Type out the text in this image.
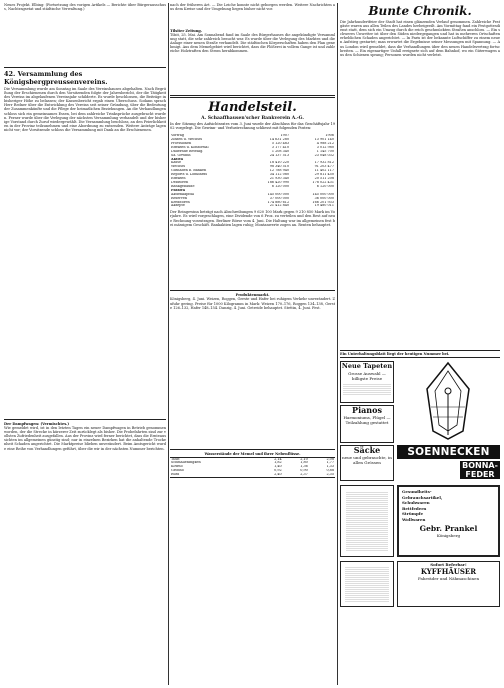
Neues Projekt. Elbing: (Fortsetzung des vorigen Artikels — Berichte über Bürgerausschuss, Nachtragsetat und städtische Verwaltung.)
42. Versammlung des Königsbergpreussenvereins.
Die Versammlung wurde am Sonntag im Saale des Vereinshauses abgehalten. Nach Begrüßung der Erschienenen durch den Vorsitzenden folgte der Jahresbericht, der die Tätigkeit des Vereins im abgelaufenen Vereinsjahr schilderte. Es wurde beschlossen, die Beiträge in bisheriger Höhe zu belassen; der Kassenbericht ergab einen Überschuss. Sodann sprach Herr Redner über die Entwicklung des Vereins seit seiner Gründung, über die Bedeutung der Zusammenkünfte und die Pflege der heimatlichen Beziehungen. An die Verhandlungen schloss sich ein gemeinsames Essen, bei dem zahlreiche Trinksprüche ausgebracht wurden. Ferner wurde über die Verlegung der nächsten Versammlung verhandelt und der bisherige Vorstand durch Zuruf wiedergewählt. Die Versammlung beschloss, an den Feierlichkeiten in der Provinz teilzunehmen und eine Abordnung zu entsenden. Weitere Anträge lagen nicht vor; der Vorsitzende schloss die Versammlung mit Dank an die Erschienenen.
Der Dampfwagen: (Vermischtes.)
Wie gemeldet wird, ist in den letzten Tagen ein neuer Dampfwagen in Betrieb genommen worden, der die Strecke in kürzerer Zeit zurücklegt als bisher. Die Probefahrten sind zur vollsten Zufriedenheit ausgefallen. Aus der Provinz wird ferner berichtet, dass die Ernteaussichten im allgemeinen günstig sind; nur in einzelnen Bezirken hat die anhaltende Trockenheit Schaden angerichtet. Die Marktpreise blieben unverändert. Beim Amtsgericht wurde eine Reihe von Verhandlungen geführt, über die wir in der nächsten Nummer berichten.
nach der früheren Art. — Die Leiche konnte nicht geborgen werden. Weitere Nachrichten aus dem Kreise und der Umgebung liegen bisher nicht vor.
Tilsiter Zeitung.
Tilsit, 25. Mai. Am Sonnabend fand im Saale des Bürgerhauses die angekündigte Versammlung statt, die sehr zahlreich besucht war. Es wurde über die Verlegung des Marktes und die Anlage einer neuen Straße verhandelt. Die städtischen Körperschaften haben den Plan genehmigt. Aus dem Memelgebiet wird berichtet, dass die Flößerei in vollem Gange ist und zahlreiche Holztraften den Strom herabkommen.
Handelsteil.
A. Schaaffhausen'scher Bankverein A.-G.
In der Sitzung des Aufsichtsrates vom 3. Juni wurde der Abschluss für das Geschäftsjahr 1902 vorgelegt. Die Gewinn- und Verlustrechnung schliesst mit folgenden Posten:
Vortrag	1907	1906
Zinsen u. Wechsel	14 631 280	13 901 140
Provisionen	5 120 483	4 988 212
Effekten u. Konsortial	3 177 410	3 012 980
Dauernde Beteilig.	1 208 340	1 145 700
Sa. Gewinn	24 137 513	23 048 032
Aktiva		
Kasse	18 410 220	17 932 812
Wechsel	98 340 510	91 203 477
Guthaben b. Banken	12 788 940	11 402 117
Reports u. Lombards	34 112 080	29 811 450
Effekten	21 930 340	20 511 208
Debitoren	186 420 990	178 022 431
Bankgebäude	6 120 000	6 120 000
Passiva		
Aktienkapital	145 000 000	145 000 000
Reserven	37 000 000	36 000 000
Kreditoren	174 880 612	166 201 933
Akzepte	21 412 840	19 480 011
Der Reingewinn beträgt nach Abschreibungen 9 620 100 Mark gegen 9 210 850 Mark im Vorjahre. Es wird vorgeschlagen, eine Dividende von 6 Proz. zu verteilen und den Rest auf neue Rechnung vorzutragen. Berliner Börse vom 4. Juni. Die Haltung war im allgemeinen fest bei mässigem Geschäft. Bankaktien lagen ruhig; Montanwerte zogen an. Renten behauptet.
Produktenmarkt.
Königsberg, 4. Juni. Weizen, Roggen, Gerste und Hafer bei ruhigem Verkehr unverändert. Zufuhr gering. Preise für 1000 Kilogramm in Mark: Weizen 170–176, Roggen 134–138, Gerste 126–132, Hafer 148–154. Danzig, 4. Juni. Getreide behauptet. Stettin, 4. Juni. Fest.
Wasserstände der Memel und ihrer Nebenflüsse.
Tilsit	2,14	2,10	2,08
Schmalleningken	1,82	1,80	1,77
Kowno	1,40	1,36	1,33
Grodno	0,92	0,90	0,88
Russ	2,40	2,37	2,35
Bunte Chronik.
Die Jahrhundertfeier der Stadt hat einen glänzenden Verlauf genommen. Zahlreiche Festgäste waren aus allen Teilen des Landes herbeigeeilt. Am Vormittag fand ein Festgottesdienst statt, dem sich ein Umzug durch die reich geschmückten Straßen anschloss. — Ein schweres Unwetter ist über den Süden niedergegangen und hat in mehreren Ortschaften erheblichen Schaden angerichtet. — In Paris ist der bekannte Luftschiffer zu einem neuen Aufstieg gestartet; man erwartet die Ergebnisse seiner Messungen mit Spannung. — Aus London wird gemeldet, dass die Verhandlungen über den neuen Handelsvertrag fortschreiten. — Ein eigenartiger Unfall ereignete sich auf dem Bahnhof, wo ein Güterwagen aus den Schienen sprang; Personen wurden nicht verletzt.
Ein Unterhaltungsblatt liegt der heutigen Nummer bei.
Neue Tapeten
Grosse Auswahl — billigste Preise
Pianos
Harmoniums, Flügel — Teilzahlung gestattet
Säcke
neue und gebrauchte, in allen Grössen
SOENNECKEN
BONNA-
FEDER
Gesundheits-
Gebrauchsartikel,
Schuhwaren
Bettfedern
Strümpfe
Wollwaren
Gebr. Prankel
Königsberg
Sofort lieferbar!
KYFFHÄUSER
Fahrräder und Nähmaschinen
